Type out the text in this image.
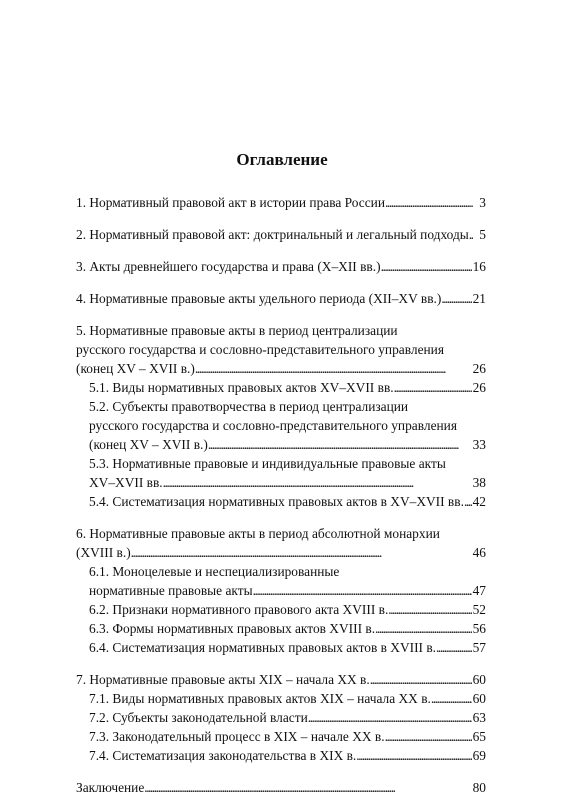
Оглавление
1. Нормативный правовой акт в истории права России . . .	3
2. Нормативный правовой акт: доктринальный и легальный подходы . . . 5
3. Акты древнейшего государства и права (X–XII вв.) . . .	16
4. Нормативные правовые акты удельного периода (XII–XV вв.) . . . 21
5. Нормативные правовые акты в период централизации
русского государства и сословно-представительного управления
(конец XV – XVII в.) . . .	26
5.1. Виды нормативных правовых актов XV–XVII вв. . . .	26
5.2. Субъекты правотворчества в период централизации
русского государства и сословно-представительного управления
(конец XV – XVII в.) . . .	33
5.3. Нормативные правовые и индивидуальные правовые акты
XV–XVII вв. . . .	38
5.4. Систематизация нормативных правовых актов в XV–XVII вв. . . . 42
6. Нормативные правовые акты в период абсолютной монархии
(XVIII в.) . . .	46
6.1. Моноцелевые и неспециализированные
нормативные правовые акты . . .	47
6.2. Признаки нормативного правового акта XVIII в. . . .	52
6.3. Формы нормативных правовых актов XVIII в. . . .	56
6.4. Систематизация нормативных правовых актов в XVIII в. . . .	57
7. Нормативные правовые акты XIX – начала XX в. . . .	60
7.1. Виды нормативных правовых актов XIX – начала XX в. . . .	60
7.2. Субъекты законодательной власти . . .	63
7.3. Законодательный процесс в XIX – начале XX в. . . .	65
7.4. Систематизация законодательства в XIX в. . . .	69
Заключение . . .	80
